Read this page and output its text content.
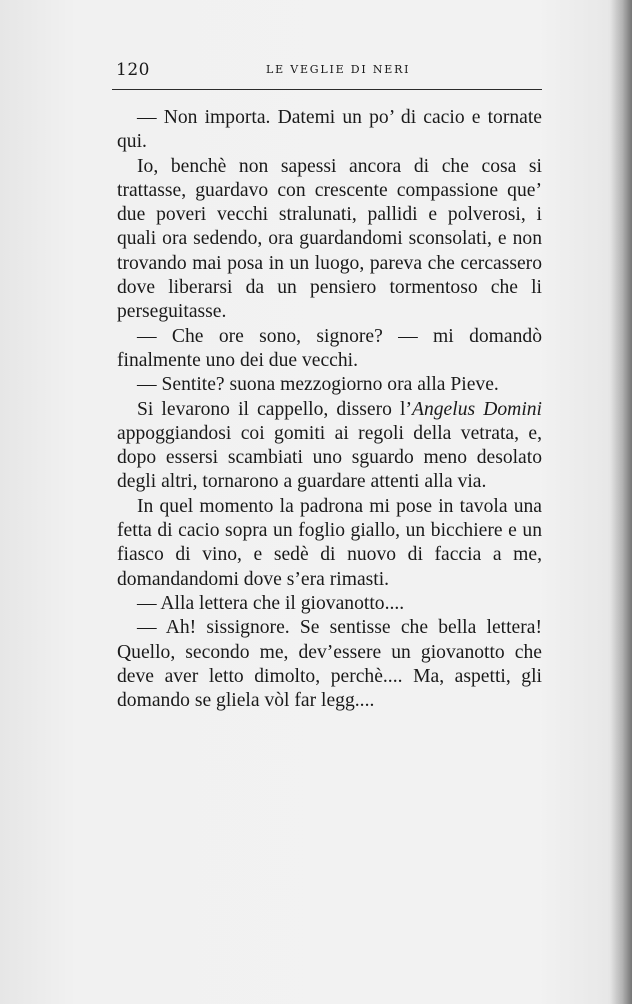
120	LE VEGLIE DI NERI

— Non importa. Datemi un po’ di cacio e tornate qui.

Io, benchè non sapessi ancora di che cosa si trattasse, guardavo con crescente compassione que’ due poveri vecchi stralunati, pallidi e polverosi, i quali ora sedendo, ora guardandomi sconsolati, e non trovando mai posa in un luogo, pareva che cercassero dove liberarsi da un pensiero tormentoso che li perseguitasse.

— Che ore sono, signore? — mi domandò finalmente uno dei due vecchi.

— Sentite? suona mezzogiorno ora alla Pieve.

Si levarono il cappello, dissero l’Angelus Domini appoggiandosi coi gomiti ai regoli della vetrata, e, dopo essersi scambiati uno sguardo meno desolato degli altri, tornarono a guardare attenti alla via.

In quel momento la padrona mi pose in tavola una fetta di cacio sopra un foglio giallo, un bicchiere e un fiasco di vino, e sedè di nuovo di faccia a me, domandandomi dove s’era rimasti.

— Alla lettera che il giovanotto....

— Ah! sissignore. Se sentisse che bella lettera! Quello, secondo me, dev’essere un giovanotto che deve aver letto dimolto, perchè.... Ma, aspetti, gli domando se gliela vòl far legg....
